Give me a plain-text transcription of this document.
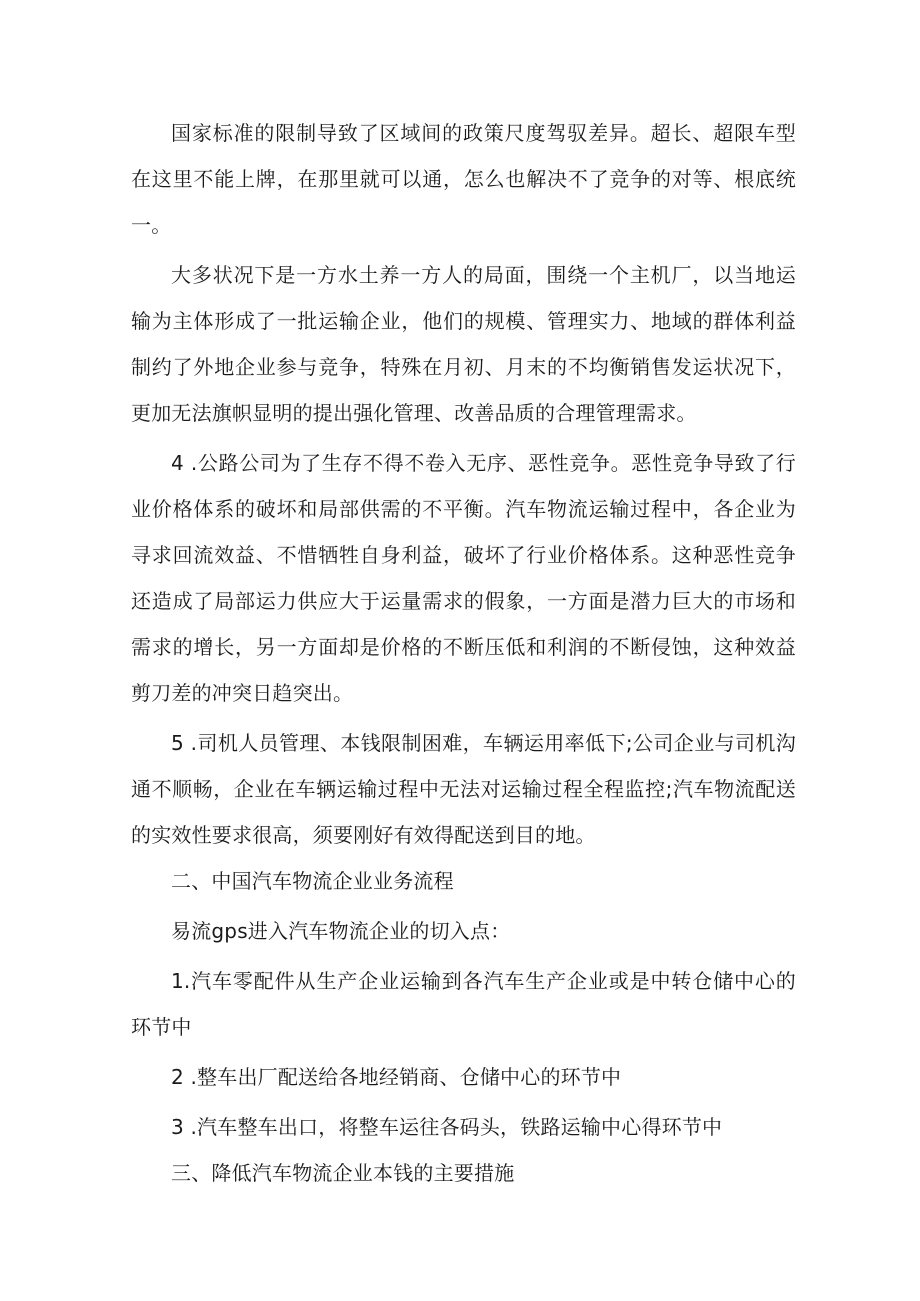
国家标准的限制导致了区域间的政策尺度驾驭差异。超长、超限车型在这里不能上牌，在那里就可以通，怎么也解决不了竞争的对等、根底统一。

大多状况下是一方水土养一方人的局面，围绕一个主机厂，以当地运输为主体形成了一批运输企业，他们的规模、管理实力、地域的群体利益制约了外地企业参与竞争，特殊在月初、月末的不均衡销售发运状况下，更加无法旗帜显明的提出强化管理、改善品质的合理管理需求。

4 .公路公司为了生存不得不卷入无序、恶性竞争。恶性竞争导致了行业价格体系的破坏和局部供需的不平衡。汽车物流运输过程中，各企业为寻求回流效益、不惜牺牲自身利益，破坏了行业价格体系。这种恶性竞争还造成了局部运力供应大于运量需求的假象，一方面是潜力巨大的市场和需求的增长，另一方面却是价格的不断压低和利润的不断侵蚀，这种效益剪刀差的冲突日趋突出。

5 .司机人员管理、本钱限制困难，车辆运用率低下;公司企业与司机沟通不顺畅，企业在车辆运输过程中无法对运输过程全程监控;汽车物流配送的实效性要求很高，须要刚好有效得配送到目的地。

二、中国汽车物流企业业务流程

易流gps进入汽车物流企业的切入点：

1.汽车零配件从生产企业运输到各汽车生产企业或是中转仓储中心的环节中

2 .整车出厂配送给各地经销商、仓储中心的环节中

3 .汽车整车出口，将整车运往各码头，铁路运输中心得环节中

三、降低汽车物流企业本钱的主要措施
